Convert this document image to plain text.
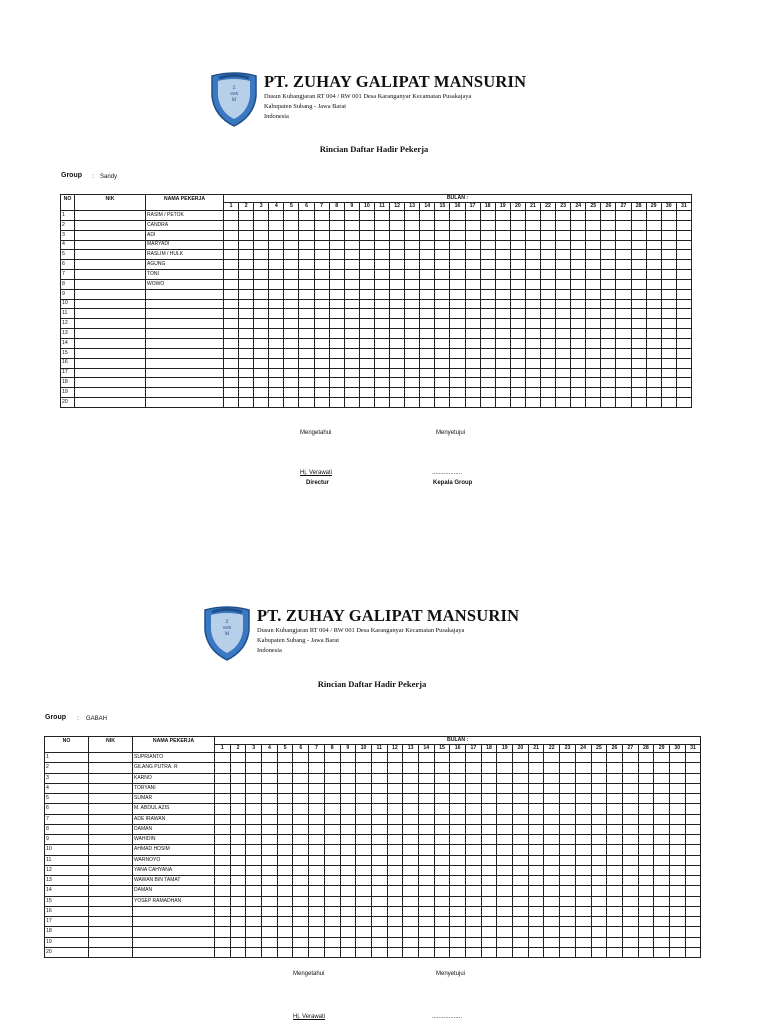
Z
SMR
M
PT. ZUHAY GALIPAT MANSURIN
Dusun Kubangjaran RT 004 / RW 001 Desa Karanganyar Kecamatan Pusakajaya
Kabupaten Subang - Jawa Barat
Indonesia
Rincian Daftar Hadir Pekerja
Group : Sandy
NO	NIK	NAMA PEKERJA	BULAN :																														
			1	2	3	4	5	6	7	8	9	10	11	12	13	14	15	16	17	18	19	20	21	22	23	24	25	26	27	28	29	30	31
1		RASIM / PETOK																															
2		CANDRA																															
3		ADI																															
4		MARYADI																															
5		RASLIM / HULK																															
6		AGUNG																															
7		TONI																															
8		WOWO																															
9																																	
10																																	
11																																	
12																																	
13																																	
14																																	
15																																	
16																																	
17																																	
18																																	
19																																	
20																																	
Mengetahui	Menyetujui
Hj. Verawati	..................
Directur	Kepala Group
Z
SMR
M
PT. ZUHAY GALIPAT MANSURIN
Dusun Kubangjaran RT 004 / RW 001 Desa Karanganyar Kecamatan Pusakajaya
Kabupaten Subang - Jawa Barat
Indonesia
Rincian Daftar Hadir Pekerja
Group : GABAH
NO	NIK	NAMA PEKERJA	BULAN :																														
			1	2	3	4	5	6	7	8	9	10	11	12	13	14	15	16	17	18	19	20	21	22	23	24	25	26	27	28	29	30	31
1		SUPRIANTO																															
2		GILANG PUTRA. R																															
3		KARNO																															
4		TORYANI																															
5		SUMAR																															
6		M. ABDUL AZIS																															
7		ADE IRAWAN																															
8		DAMAN																															
9		WAHIDIN																															
10		AHMAD HOSIM																															
11		WARNOYO																															
12		YANA CAHYANA																															
13		WAWAN BIN TAMAT																															
14		DAMAN																															
15		YOSEP RAMADHAN																															
16																																	
17																																	
18																																	
19																																	
20																																	
Mengetahui	Menyetujui
Hj. Verawati	..................
